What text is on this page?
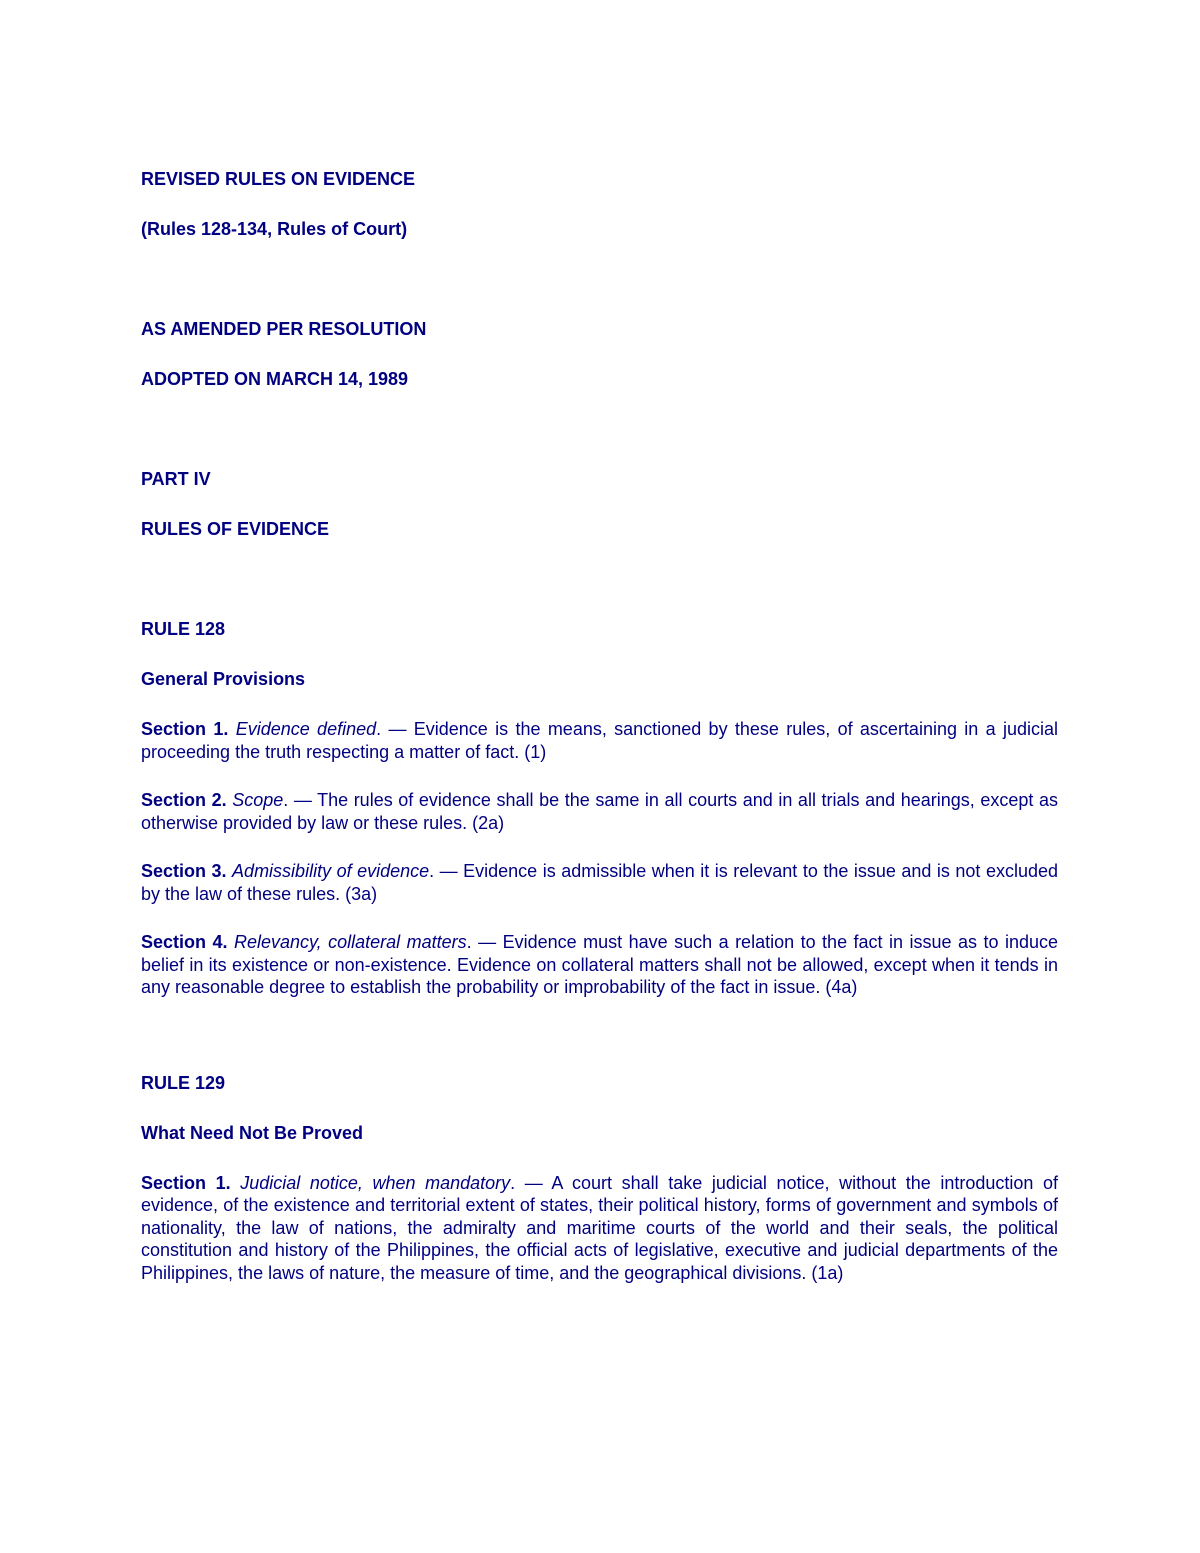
REVISED RULES ON EVIDENCE

(Rules 128-134, Rules of Court)

AS AMENDED PER RESOLUTION

ADOPTED ON MARCH 14, 1989

PART IV

RULES OF EVIDENCE

RULE 128

General Provisions

Section 1. Evidence defined. — Evidence is the means, sanctioned by these rules, of ascertaining in a judicial proceeding the truth respecting a matter of fact. (1)

Section 2. Scope. — The rules of evidence shall be the same in all courts and in all trials and hearings, except as otherwise provided by law or these rules. (2a)

Section 3. Admissibility of evidence. — Evidence is admissible when it is relevant to the issue and is not excluded by the law of these rules. (3a)

Section 4. Relevancy, collateral matters. — Evidence must have such a relation to the fact in issue as to induce belief in its existence or non-existence. Evidence on collateral matters shall not be allowed, except when it tends in any reasonable degree to establish the probability or improbability of the fact in issue. (4a)

RULE 129

What Need Not Be Proved

Section 1. Judicial notice, when mandatory. — A court shall take judicial notice, without the introduction of evidence, of the existence and territorial extent of states, their political history, forms of government and symbols of nationality, the law of nations, the admiralty and maritime courts of the world and their seals, the political constitution and history of the Philippines, the official acts of legislative, executive and judicial departments of the Philippines, the laws of nature, the measure of time, and the geographical divisions. (1a)
